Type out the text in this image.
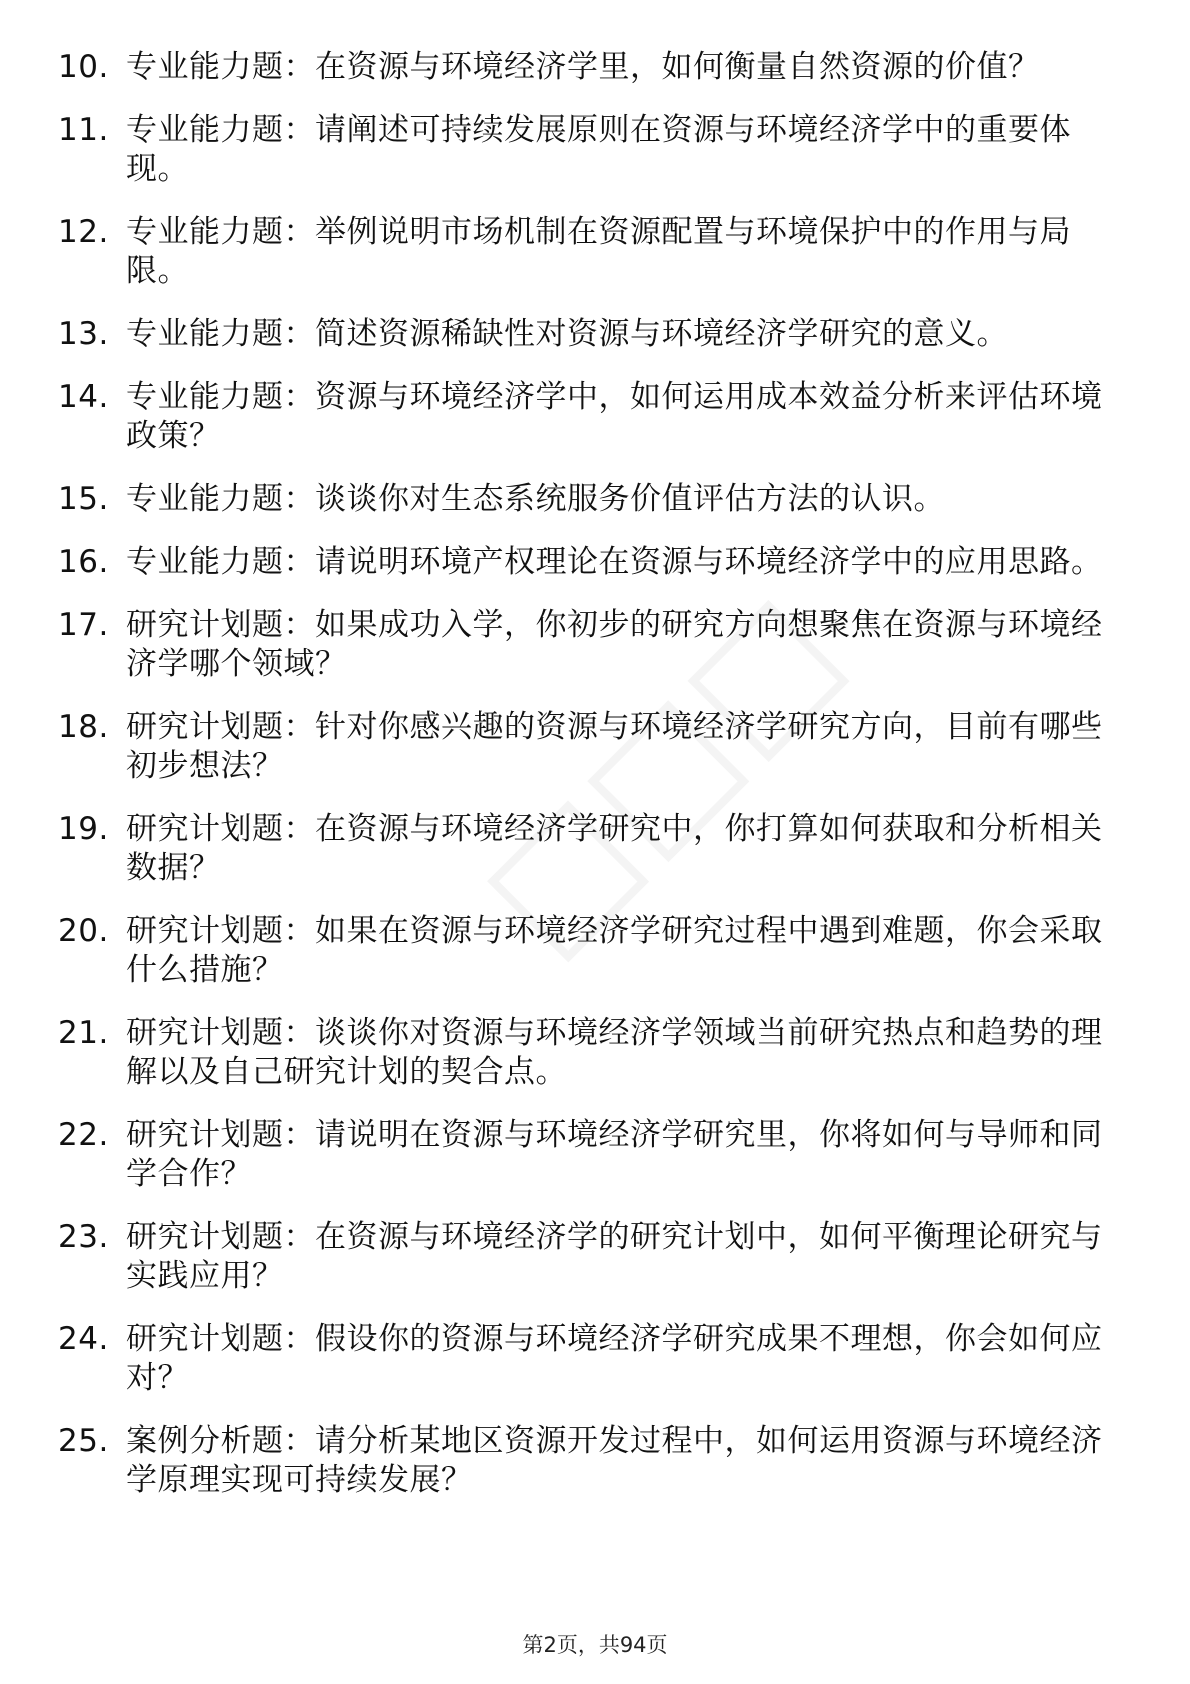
10. 专业能力题：在资源与环境经济学里，如何衡量自然资源的价值？
11. 专业能力题：请阐述可持续发展原则在资源与环境经济学中的重要体现。
12. 专业能力题：举例说明市场机制在资源配置与环境保护中的作用与局限。
13. 专业能力题：简述资源稀缺性对资源与环境经济学研究的意义。
14. 专业能力题：资源与环境经济学中，如何运用成本效益分析来评估环境政策？
15. 专业能力题：谈谈你对生态系统服务价值评估方法的认识。
16. 专业能力题：请说明环境产权理论在资源与环境经济学中的应用思路。
17. 研究计划题：如果成功入学，你初步的研究方向想聚焦在资源与环境经济学哪个领域？
18. 研究计划题：针对你感兴趣的资源与环境经济学研究方向，目前有哪些初步想法？
19. 研究计划题：在资源与环境经济学研究中，你打算如何获取和分析相关数据？
20. 研究计划题：如果在资源与环境经济学研究过程中遇到难题，你会采取什么措施？
21. 研究计划题：谈谈你对资源与环境经济学领域当前研究热点和趋势的理解以及自己研究计划的契合点。
22. 研究计划题：请说明在资源与环境经济学研究里，你将如何与导师和同学合作？
23. 研究计划题：在资源与环境经济学的研究计划中，如何平衡理论研究与实践应用？
24. 研究计划题：假设你的资源与环境经济学研究成果不理想，你会如何应对？
25. 案例分析题：请分析某地区资源开发过程中，如何运用资源与环境经济学原理实现可持续发展？
第2页，共94页
